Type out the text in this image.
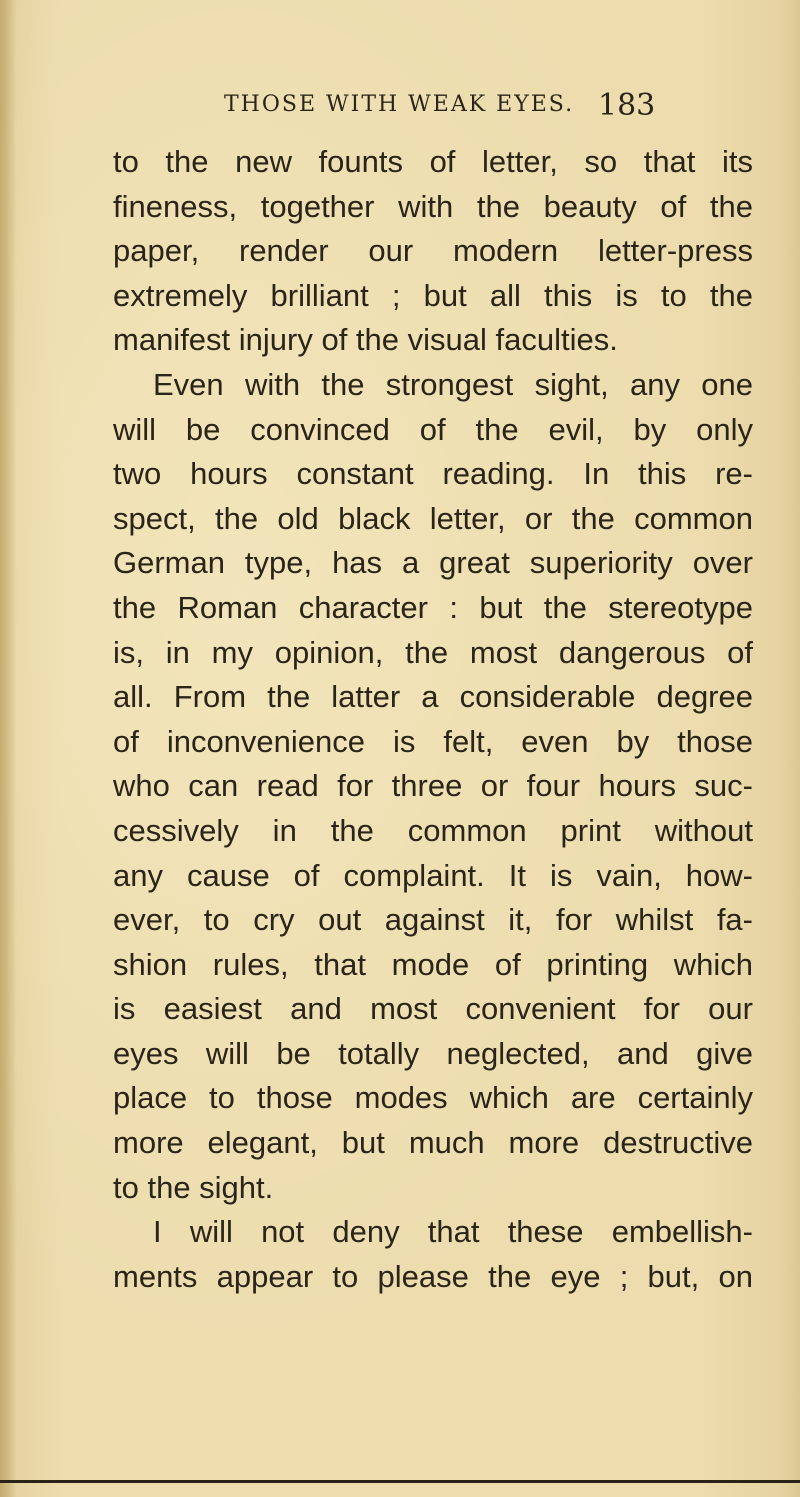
THOSE WITH WEAK EYES. 183
to the new founts of letter, so that its
fineness, together with the beauty of the
paper, render our modern letter-press
extremely brilliant ; but all this is to the
manifest injury of the visual faculties.
Even with the strongest sight, any one
will be convinced of the evil, by only
two hours constant reading. In this re-
spect, the old black letter, or the common
German type, has a great superiority over
the Roman character : but the stereotype
is, in my opinion, the most dangerous of
all. From the latter a considerable degree
of inconvenience is felt, even by those
who can read for three or four hours suc-
cessively in the common print without
any cause of complaint. It is vain, how-
ever, to cry out against it, for whilst fa-
shion rules, that mode of printing which
is easiest and most convenient for our
eyes will be totally neglected, and give
place to those modes which are certainly
more elegant, but much more destructive
to the sight.
I will not deny that these embellish-
ments appear to please the eye ; but, on
